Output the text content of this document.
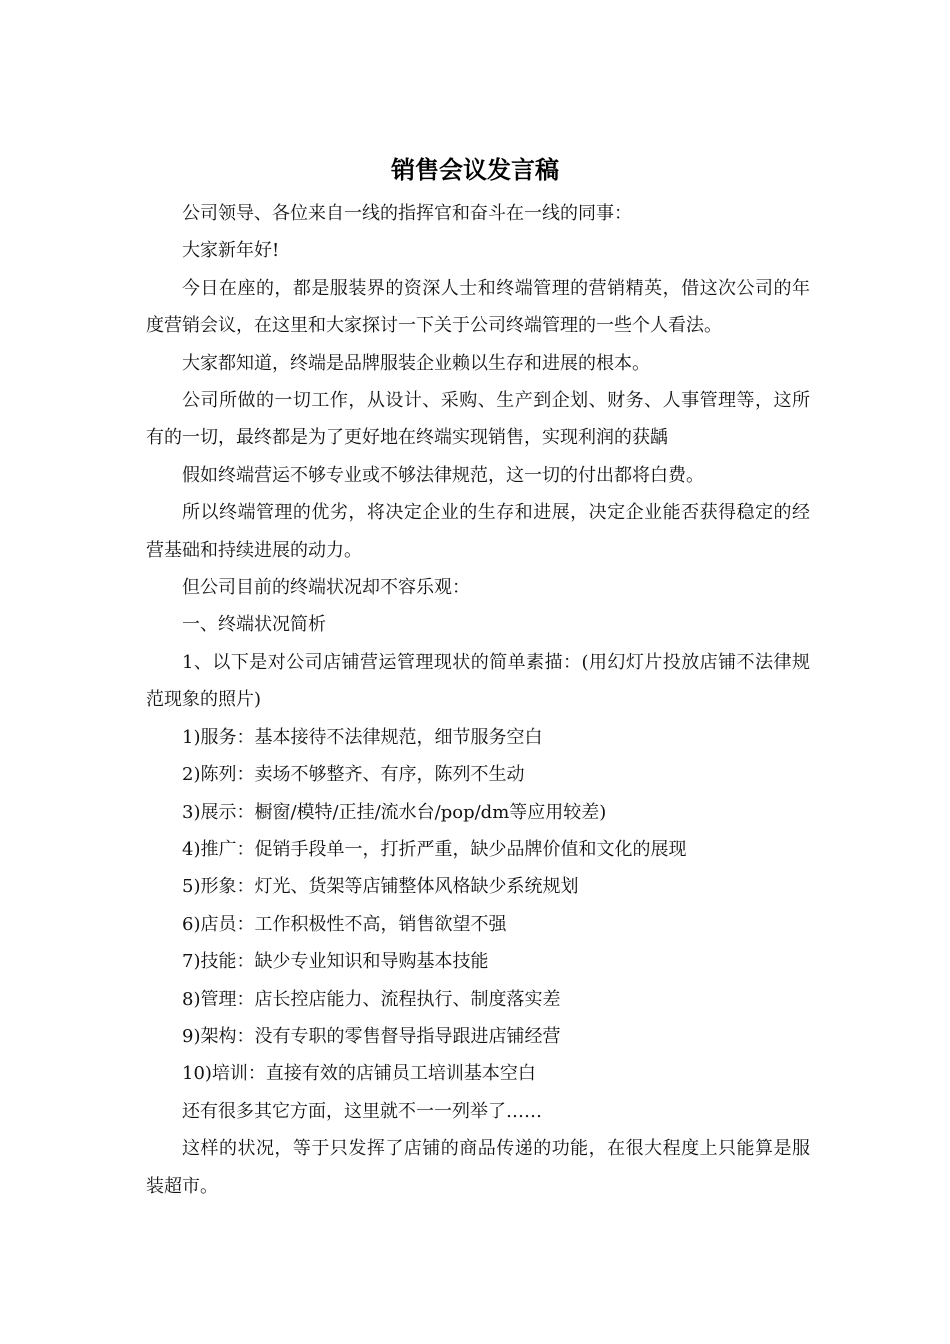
销售会议发言稿

公司领导、各位来自一线的指挥官和奋斗在一线的同事：

大家新年好!

今日在座的，都是服装界的资深人士和终端管理的营销精英，借这次公司的年度营销会议，在这里和大家探讨一下关于公司终端管理的一些个人看法。

大家都知道，终端是品牌服装企业赖以生存和进展的根本。

公司所做的一切工作，从设计、采购、生产到企划、财务、人事管理等，这所有的一切，最终都是为了更好地在终端实现销售，实现利润的获龋

假如终端营运不够专业或不够法律规范，这一切的付出都将白费。

所以终端管理的优劣，将决定企业的生存和进展，决定企业能否获得稳定的经营基础和持续进展的动力。

但公司目前的终端状况却不容乐观：

一、终端状况简析

1、以下是对公司店铺营运管理现状的简单素描：(用幻灯片投放店铺不法律规范现象的照片)

1)服务：基本接待不法律规范，细节服务空白

2)陈列：卖场不够整齐、有序，陈列不生动

3)展示：橱窗/模特/正挂/流水台/pop/dm等应用较差)

4)推广：促销手段单一，打折严重，缺少品牌价值和文化的展现

5)形象：灯光、货架等店铺整体风格缺少系统规划

6)店员：工作积极性不高，销售欲望不强

7)技能：缺少专业知识和导购基本技能

8)管理：店长控店能力、流程执行、制度落实差

9)架构：没有专职的零售督导指导跟进店铺经营

10)培训：直接有效的店铺员工培训基本空白

还有很多其它方面，这里就不一一列举了……

这样的状况，等于只发挥了店铺的商品传递的功能，在很大程度上只能算是服装超市。
